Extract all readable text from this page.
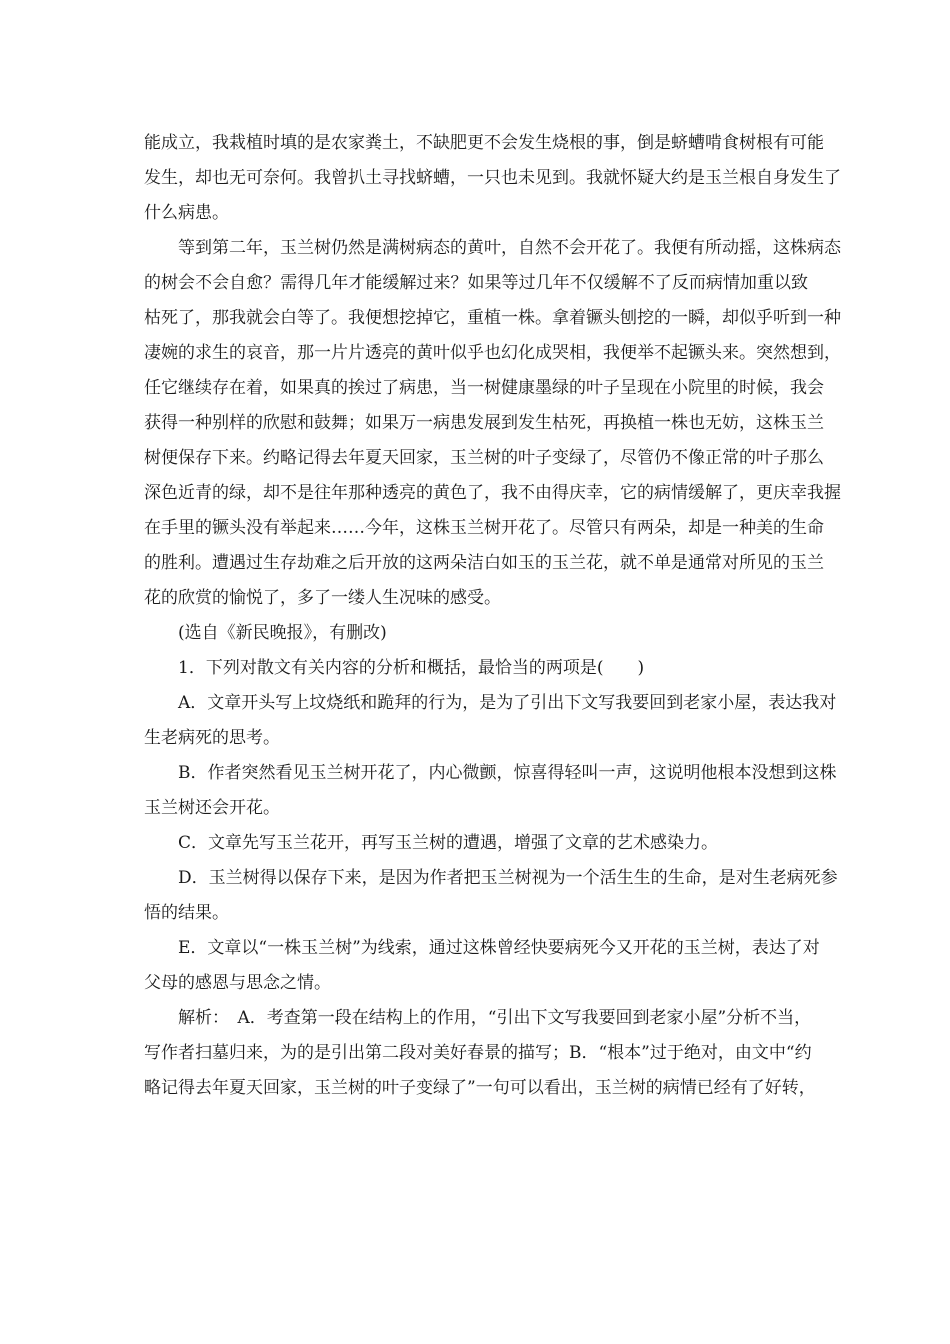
能成立，我栽植时填的是农家粪土，不缺肥更不会发生烧根的事，倒是蛴螬啃食树根有可能
发生，却也无可奈何。我曾扒土寻找蛴螬，一只也未见到。我就怀疑大约是玉兰根自身发生了
什么病患。
等到第二年，玉兰树仍然是满树病态的黄叶，自然不会开花了。我便有所动摇，这株病态
的树会不会自愈？需得几年才能缓解过来？如果等过几年不仅缓解不了反而病情加重以致
枯死了，那我就会白等了。我便想挖掉它，重植一株。拿着镢头刨挖的一瞬，却似乎听到一种
凄婉的求生的哀音，那一片片透亮的黄叶似乎也幻化成哭相，我便举不起镢头来。突然想到，
任它继续存在着，如果真的挨过了病患，当一树健康墨绿的叶子呈现在小院里的时候，我会
获得一种别样的欣慰和鼓舞；如果万一病患发展到发生枯死，再换植一株也无妨，这株玉兰
树便保存下来。约略记得去年夏天回家，玉兰树的叶子变绿了，尽管仍不像正常的叶子那么
深色近青的绿，却不是往年那种透亮的黄色了，我不由得庆幸，它的病情缓解了，更庆幸我握
在手里的镢头没有举起来……今年，这株玉兰树开花了。尽管只有两朵，却是一种美的生命
的胜利。遭遇过生存劫难之后开放的这两朵洁白如玉的玉兰花，就不单是通常对所见的玉兰
花的欣赏的愉悦了，多了一缕人生况味的感受。
(选自《新民晚报》，有删改)
1．下列对散文有关内容的分析和概括，最恰当的两项是(　　)
A．文章开头写上坟烧纸和跪拜的行为，是为了引出下文写我要回到老家小屋，表达我对
生老病死的思考。
B．作者突然看见玉兰树开花了，内心微颤，惊喜得轻叫一声，这说明他根本没想到这株
玉兰树还会开花。
C．文章先写玉兰花开，再写玉兰树的遭遇，增强了文章的艺术感染力。
D．玉兰树得以保存下来，是因为作者把玉兰树视为一个活生生的生命，是对生老病死参
悟的结果。
E．文章以“一株玉兰树”为线索，通过这株曾经快要病死今又开花的玉兰树，表达了对
父母的感恩与思念之情。
解析：　A．考查第一段在结构上的作用，“引出下文写我要回到老家小屋”分析不当，
写作者扫墓归来，为的是引出第二段对美好春景的描写；B．“根本”过于绝对，由文中“约
略记得去年夏天回家，玉兰树的叶子变绿了”一句可以看出，玉兰树的病情已经有了好转，
